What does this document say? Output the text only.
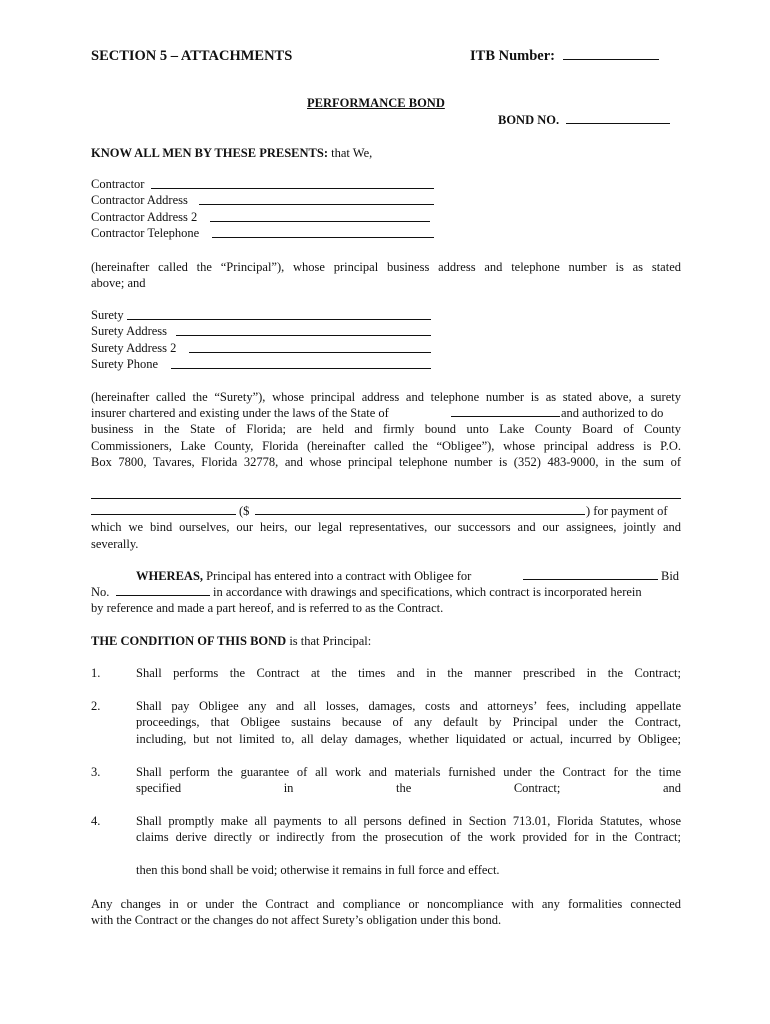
SECTION 5 – ATTACHMENTS	ITB Number:
PERFORMANCE BOND
BOND NO.
KNOW ALL MEN BY THESE PRESENTS: that We,
Contractor
Contractor Address
Contractor Address 2
Contractor Telephone
(hereinafter called the “Principal”), whose principal business address and telephone number is as stated
above; and
Surety
Surety Address
Surety Address 2
Surety Phone
(hereinafter called the “Surety”), whose principal address and telephone number is as stated above, a surety
insurer chartered and existing under the laws of the State of	and authorized to do
business in the State of Florida; are held and firmly bound unto Lake County Board of County
Commissioners, Lake County, Florida (hereinafter called the “Obligee”), whose principal address is P.O.
Box 7800, Tavares, Florida 32778, and whose principal telephone number is (352) 483-9000, in the sum of
($	) for payment of
which we bind ourselves, our heirs, our legal representatives, our successors and our assignees, jointly and
severally.
WHEREAS, Principal has entered into a contract with Obligee for	Bid
No.	in accordance with drawings and specifications, which contract is incorporated herein
by reference and made a part hereof, and is referred to as the Contract.
THE CONDITION OF THIS BOND is that Principal:
1.	Shall performs the Contract at the times and in the manner prescribed in the Contract;
2.	Shall pay Obligee any and all losses, damages, costs and attorneys’ fees, including appellate
proceedings, that Obligee sustains because of any default by Principal under the Contract,
including, but not limited to, all delay damages, whether liquidated or actual, incurred by Obligee;
3.	Shall perform the guarantee of all work and materials furnished under the Contract for the time
specified in the Contract; and
4.	Shall promptly make all payments to all persons defined in Section 713.01, Florida Statutes, whose
claims derive directly or indirectly from the prosecution of the work provided for in the Contract;
then this bond shall be void; otherwise it remains in full force and effect.
Any changes in or under the Contract and compliance or noncompliance with any formalities connected
with the Contract or the changes do not affect Surety’s obligation under this bond.
